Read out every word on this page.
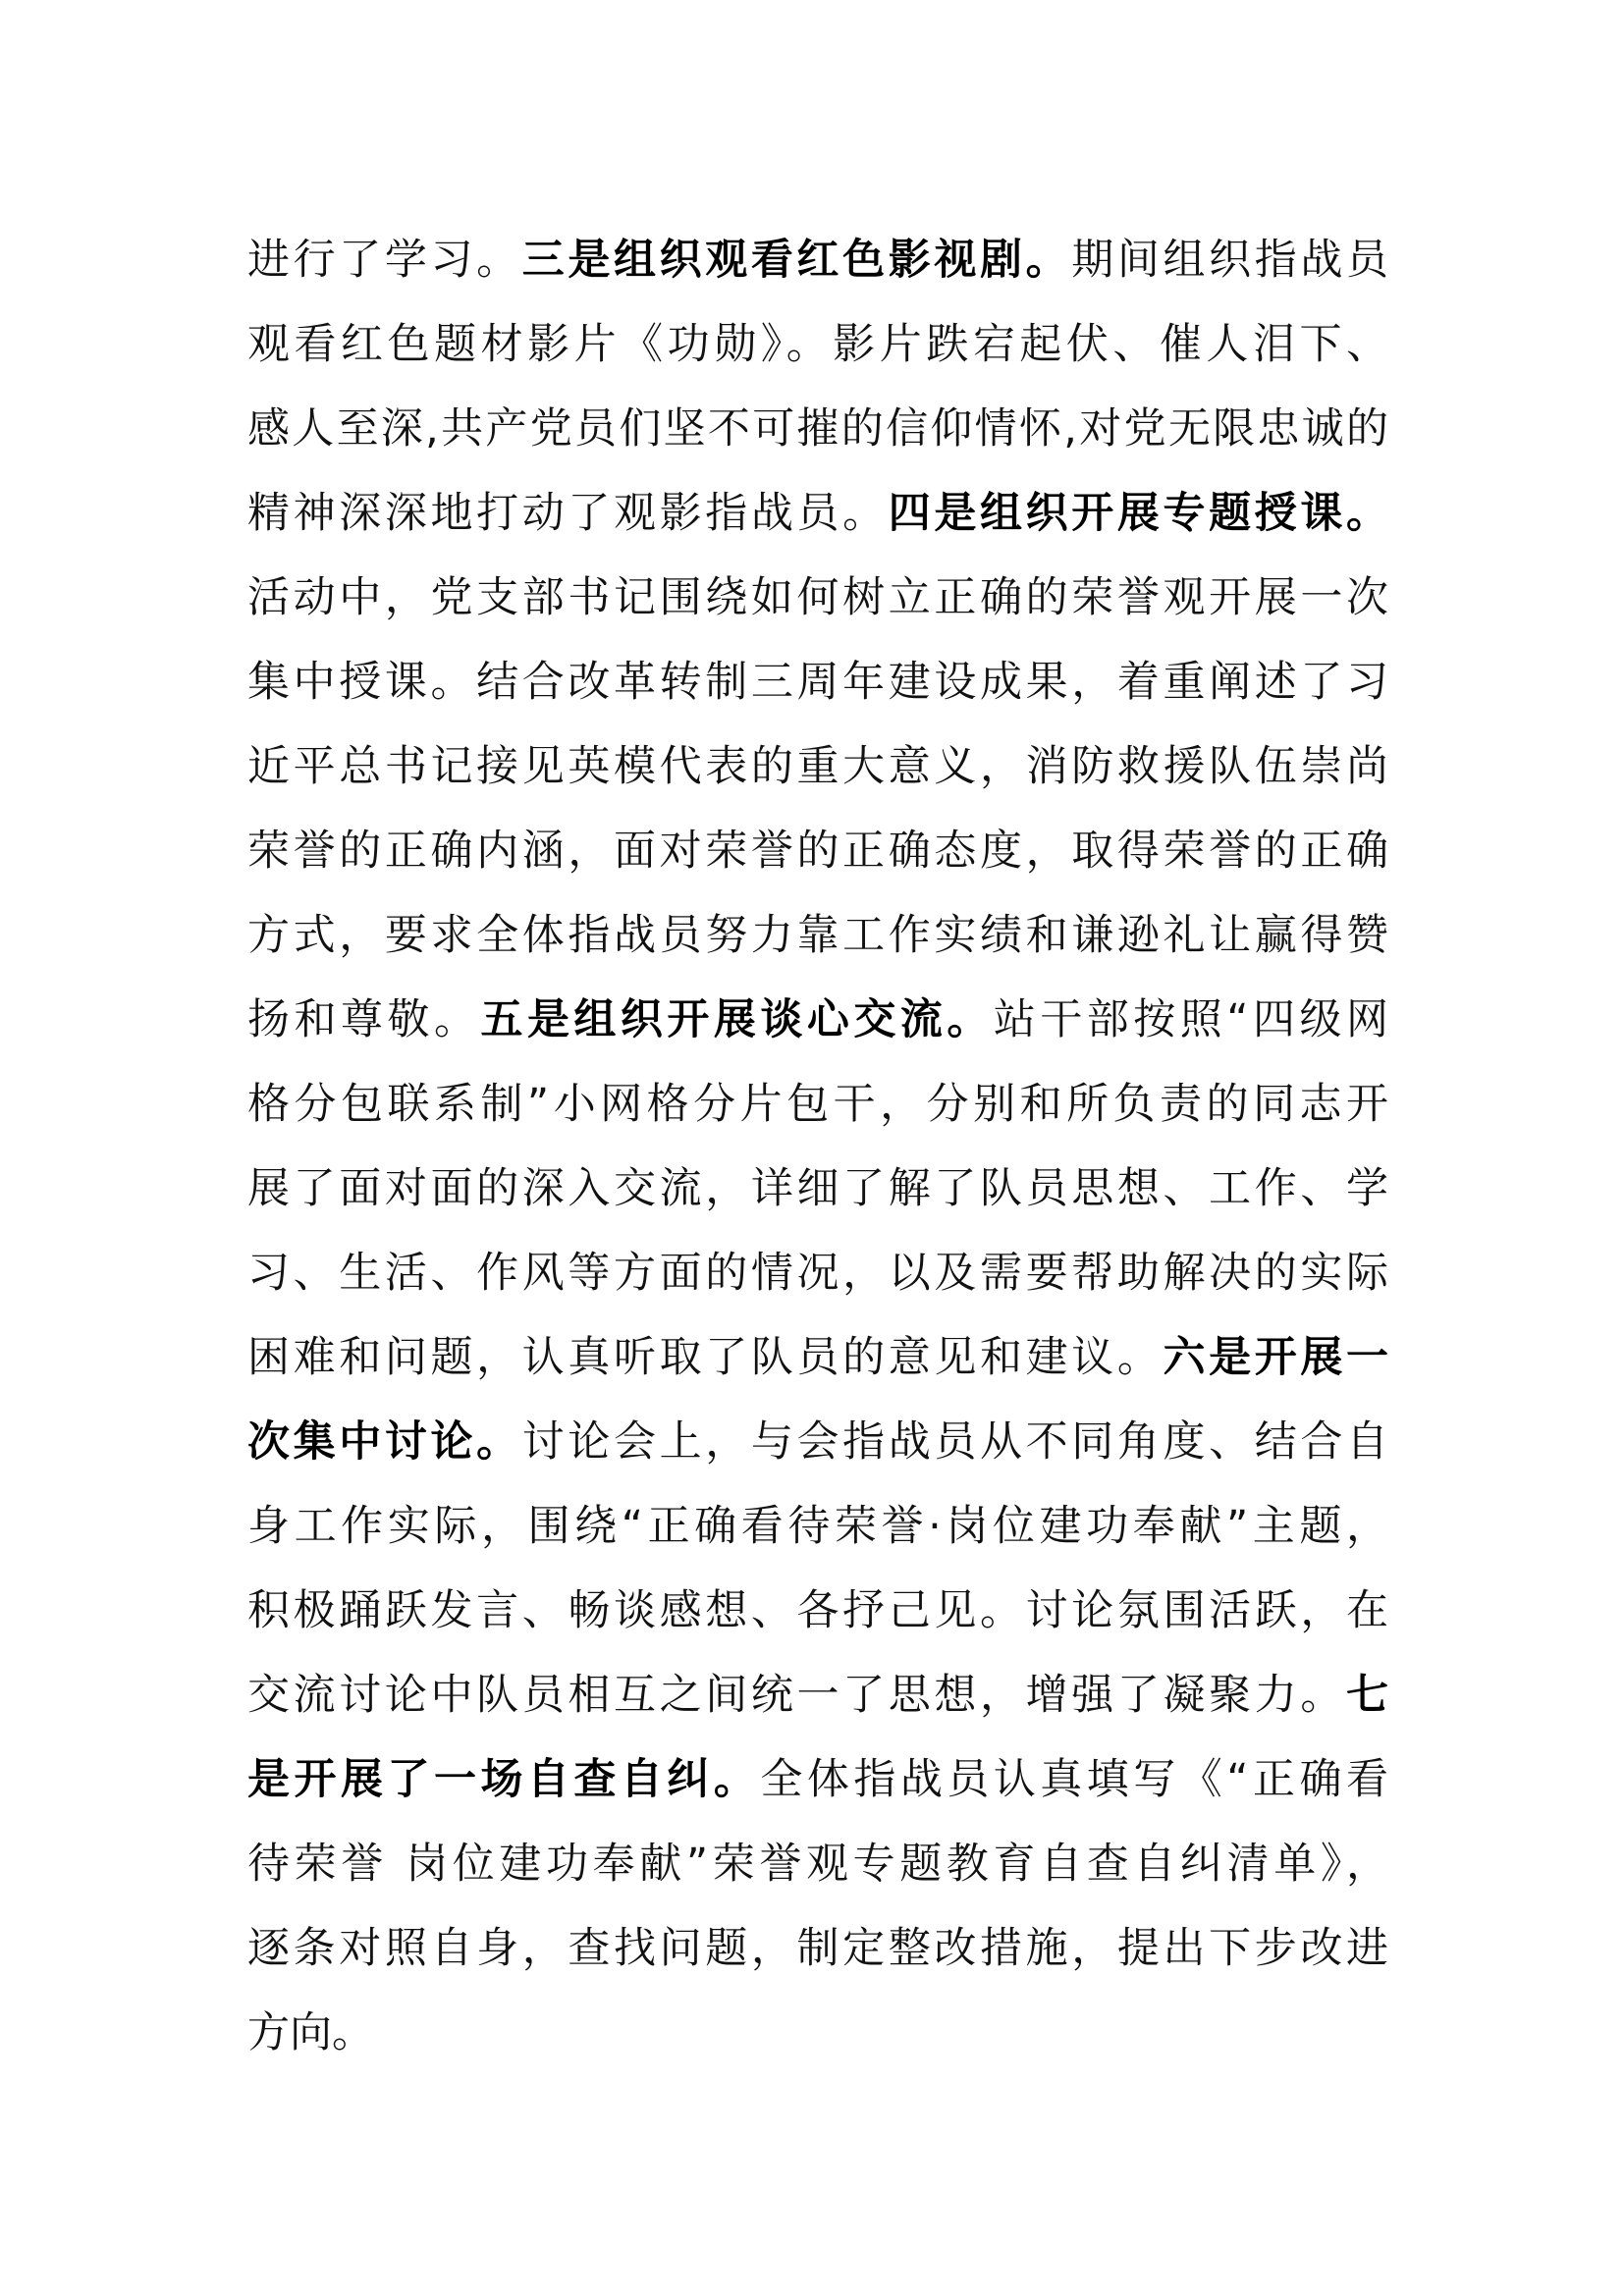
进行了学习。三是组织观看红色影视剧。期间组织指战员
观看红色题材影片《功勋》。影片跌宕起伏、催人泪下、
感人至深,共产党员们坚不可摧的信仰情怀,对党无限忠诚的
精神深深地打动了观影指战员。四是组织开展专题授课。
活动中，党支部书记围绕如何树立正确的荣誉观开展一次
集中授课。结合改革转制三周年建设成果，着重阐述了习
近平总书记接见英模代表的重大意义，消防救援队伍崇尚
荣誉的正确内涵，面对荣誉的正确态度，取得荣誉的正确
方式，要求全体指战员努力靠工作实绩和谦逊礼让赢得赞
扬和尊敬。五是组织开展谈心交流。站干部按照“四级网
格分包联系制”小网格分片包干，分别和所负责的同志开
展了面对面的深入交流，详细了解了队员思想、工作、学
习、生活、作风等方面的情况，以及需要帮助解决的实际
困难和问题，认真听取了队员的意见和建议。六是开展一
次集中讨论。讨论会上，与会指战员从不同角度、结合自
身工作实际，围绕“正确看待荣誉·岗位建功奉献”主题，
积极踊跃发言、畅谈感想、各抒己见。讨论氛围活跃，在
交流讨论中队员相互之间统一了思想，增强了凝聚力。七
是开展了一场自查自纠。全体指战员认真填写《“正确看
待荣誉 岗位建功奉献”荣誉观专题教育自查自纠清单》，
逐条对照自身，查找问题，制定整改措施，提出下步改进
方向。
